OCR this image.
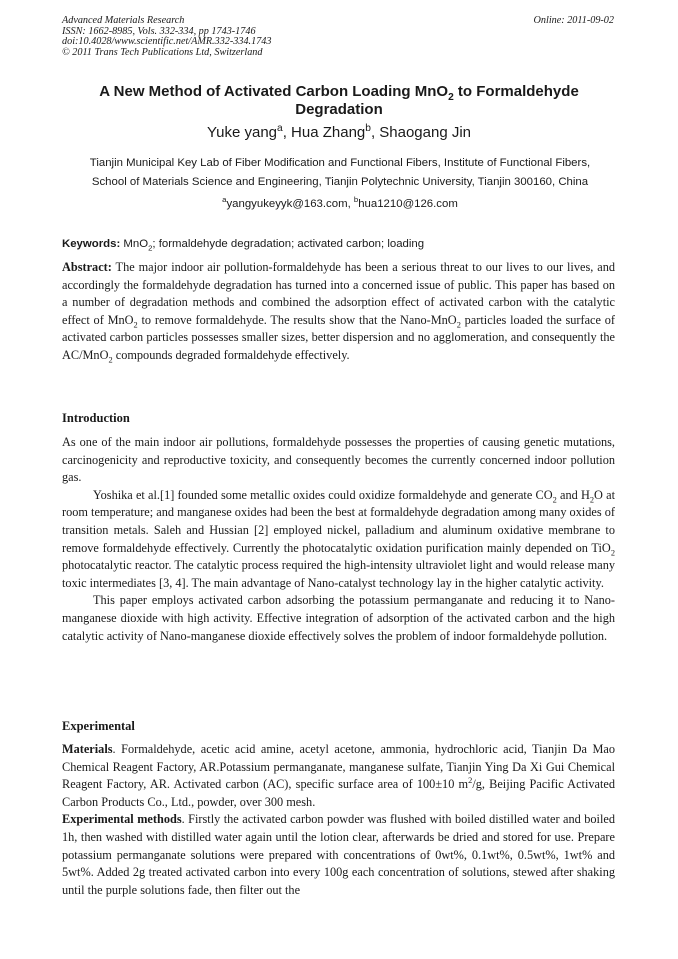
Advanced Materials Research
ISSN: 1662-8985, Vols. 332-334, pp 1743-1746
doi:10.4028/www.scientific.net/AMR.332-334.1743
© 2011 Trans Tech Publications Ltd, Switzerland
Online: 2011-09-02
A New Method of Activated Carbon Loading MnO$_2$ to Formaldehyde Degradation
Yuke yang$^a$, Hua Zhang$^b$, Shaogang Jin
Tianjin Municipal Key Lab of Fiber Modification and Functional Fibers, Institute of Functional Fibers,
School of Materials Science and Engineering, Tianjin Polytechnic University, Tianjin 300160, China
$^a$yangyukeyyk@163.com, $^b$hua1210@126.com
Keywords: MnO$_2$; formaldehyde degradation; activated carbon; loading

Abstract: The major indoor air pollution-formaldehyde has been a serious threat to our lives to our lives, and accordingly the formaldehyde degradation has turned into a concerned issue of public. This paper has based on a number of degradation methods and combined the adsorption effect of activated carbon with the catalytic effect of MnO$_2$ to remove formaldehyde. The results show that the Nano-MnO$_2$ particles loaded the surface of activated carbon particles possesses smaller sizes, better dispersion and no agglomeration, and consequently the AC/MnO$_2$ compounds degraded formaldehyde effectively.

Introduction

As one of the main indoor air pollutions, formaldehyde possesses the properties of causing genetic mutations, carcinogenicity and reproductive toxicity, and consequently becomes the currently concerned indoor pollution gas.

Yoshika et al.[1] founded some metallic oxides could oxidize formaldehyde and generate $CO_2$ and $H_2O$ at room temperature; and manganese oxides had been the best at formaldehyde degradation among many oxides of transition metals. Saleh and Hussian [2] employed nickel, palladium and aluminum oxidative membrane to remove formaldehyde effectively. Currently the photocatalytic oxidation purification mainly depended on TiO$_2$ photocatalytic reactor. The catalytic process required the high-intensity ultraviolet light and would release many toxic intermediates [3, 4]. The main advantage of Nano-catalyst technology lay in the higher catalytic activity.

This paper employs activated carbon adsorbing the potassium permanganate and reducing it to Nano-manganese dioxide with high activity. Effective integration of adsorption of the activated carbon and the high catalytic activity of Nano-manganese dioxide effectively solves the problem of indoor formaldehyde pollution.

Experimental

Materials. Formaldehyde, acetic acid amine, acetyl acetone, ammonia, hydrochloric acid, Tianjin Da Mao Chemical Reagent Factory, AR.Potassium permanganate, manganese sulfate, Tianjin Ying Da Xi Gui Chemical Reagent Factory, AR. Activated carbon (AC), specific surface area of 100±10 $m^2/g$, Beijing Pacific Activated Carbon Products Co., Ltd., powder, over 300 mesh.

Experimental methods. Firstly the activated carbon powder was flushed with boiled distilled water and boiled 1h, then washed with distilled water again until the lotion clear, afterwards be dried and stored for use. Prepare potassium permanganate solutions were prepared with concentrations of 0wt%, 0.1wt%, 0.5wt%, 1wt% and 5wt%. Added 2g treated activated carbon into every 100g each concentration of solutions, stewed after shaking until the purple solutions fade, then filter out the
